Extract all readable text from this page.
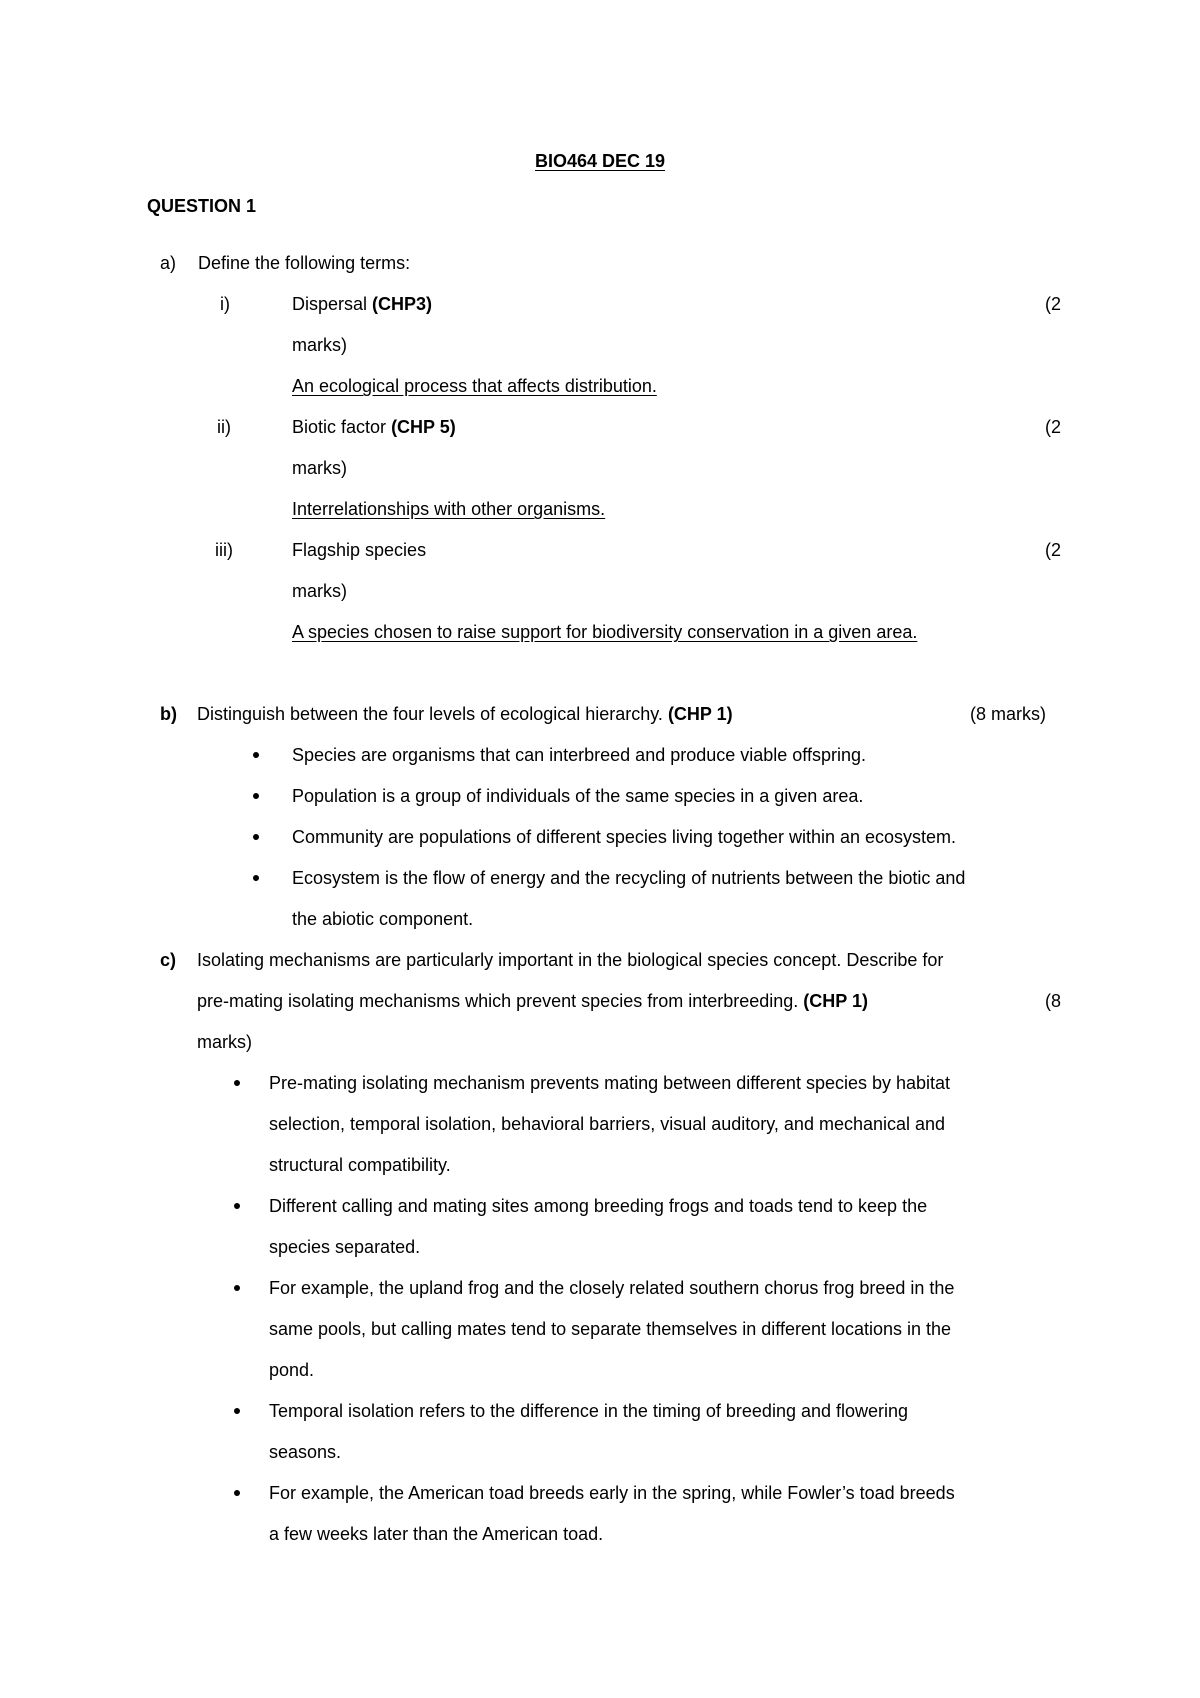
BIO464 DEC 19
QUESTION 1
a) Define the following terms:
i)	Dispersal (CHP3)	(2
marks)
An ecological process that affects distribution.
ii)	Biotic factor (CHP 5)	(2
marks)
Interrelationships with other organisms.
iii)	Flagship species	(2
marks)
A species chosen to raise support for biodiversity conservation in a given area.
b) Distinguish between the four levels of ecological hierarchy. (CHP 1)	(8 marks)
Species are organisms that can interbreed and produce viable offspring.
Population is a group of individuals of the same species in a given area.
Community are populations of different species living together within an ecosystem.
Ecosystem is the flow of energy and the recycling of nutrients between the biotic and
the abiotic component.
c) Isolating mechanisms are particularly important in the biological species concept. Describe for
pre-mating isolating mechanisms which prevent species from interbreeding. (CHP 1)	(8
marks)
Pre-mating isolating mechanism prevents mating between different species by habitat
selection, temporal isolation, behavioral barriers, visual auditory, and mechanical and
structural compatibility.
Different calling and mating sites among breeding frogs and toads tend to keep the
species separated.
For example, the upland frog and the closely related southern chorus frog breed in the
same pools, but calling mates tend to separate themselves in different locations in the
pond.
Temporal isolation refers to the difference in the timing of breeding and flowering
seasons.
For example, the American toad breeds early in the spring, while Fowler’s toad breeds
a few weeks later than the American toad.
